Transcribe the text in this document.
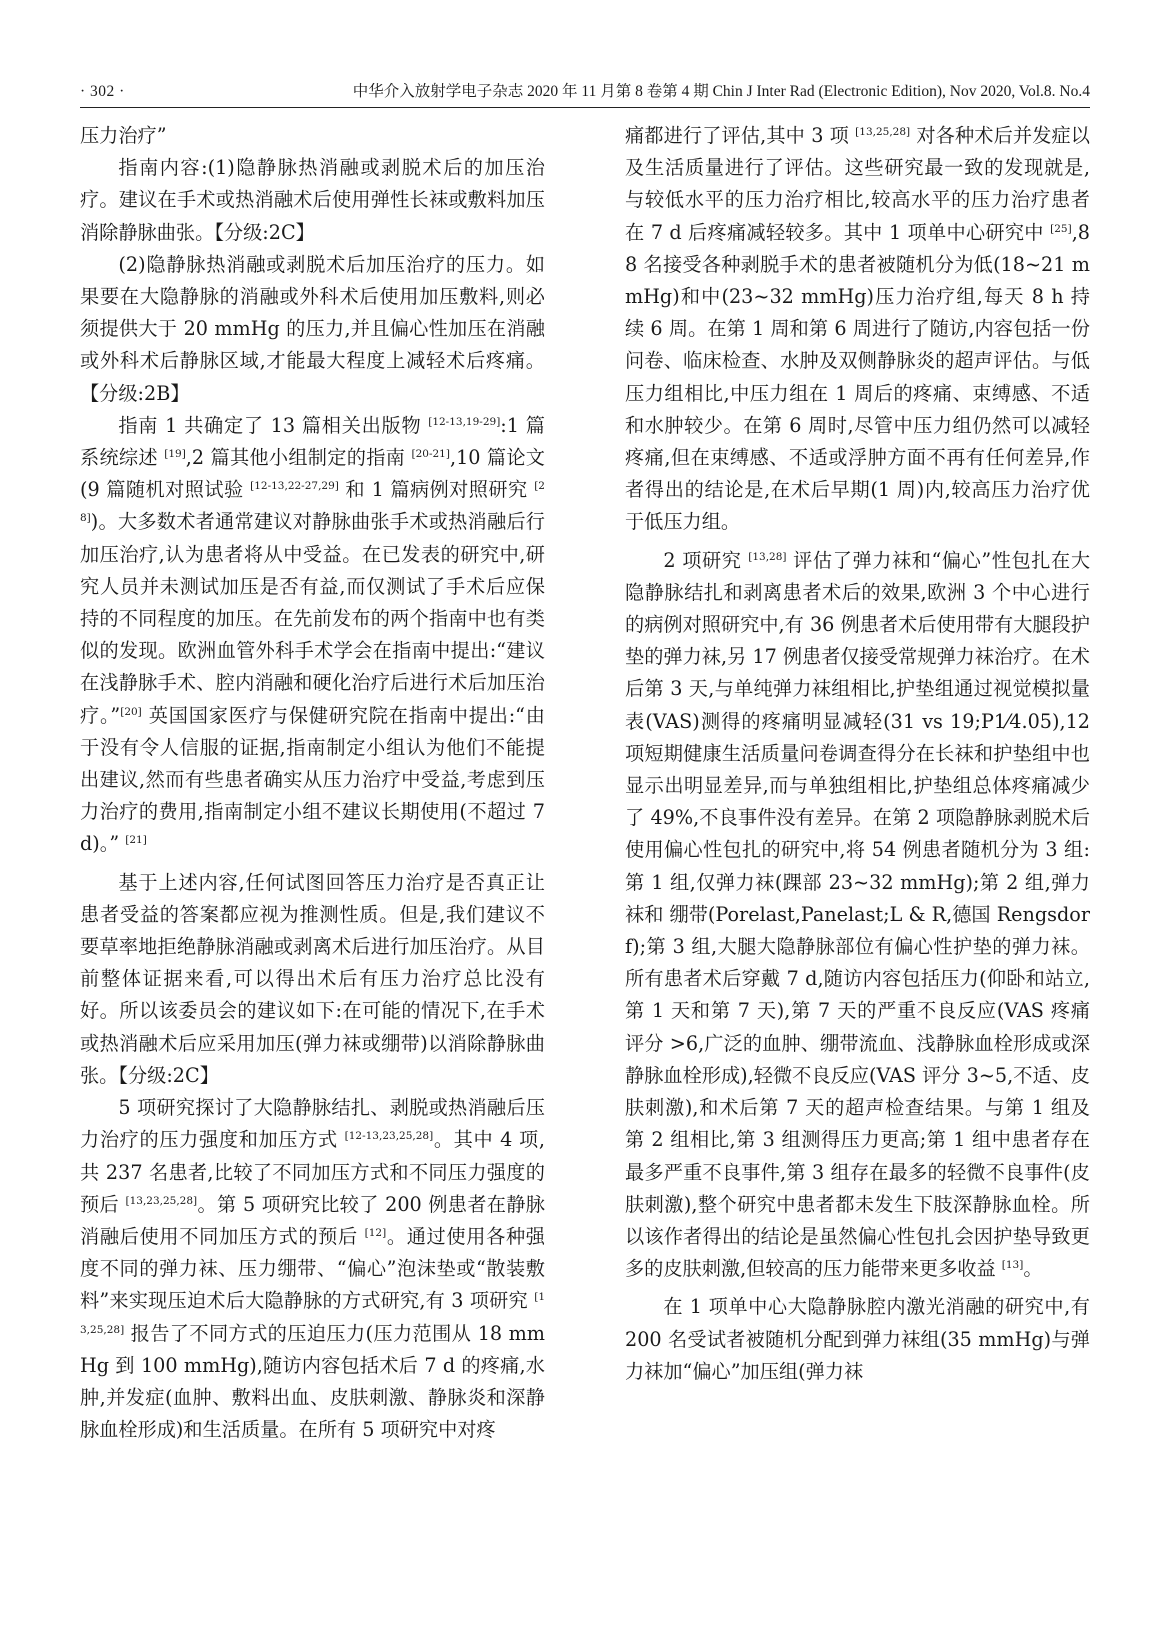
· 302 ·	中华介入放射学电子杂志 2020 年 11 月第 8 卷第 4 期 Chin J Inter Rad (Electronic Edition), Nov 2020, Vol.8. No.4

压力治疗”

指南内容:(1)隐静脉热消融或剥脱术后的加压治疗。建议在手术或热消融术后使用弹性长袜或敷料加压消除静脉曲张。【分级:2C】

(2)隐静脉热消融或剥脱术后加压治疗的压力。如果要在大隐静脉的消融或外科术后使用加压敷料,则必须提供大于 20 mmHg 的压力,并且偏心性加压在消融或外科术后静脉区域,才能最大程度上减轻术后疼痛。【分级:2B】

指南 1 共确定了 13 篇相关出版物 [12-13,19-29]:1 篇系统综述 [19],2 篇其他小组制定的指南 [20-21],10 篇论文(9 篇随机对照试验 [12-13,22-27,29] 和 1 篇病例对照研究 [28])。大多数术者通常建议对静脉曲张手术或热消融后行加压治疗,认为患者将从中受益。在已发表的研究中,研究人员并未测试加压是否有益,而仅测试了手术后应保持的不同程度的加压。在先前发布的两个指南中也有类似的发现。欧洲血管外科手术学会在指南中提出:“建议在浅静脉手术、腔内消融和硬化治疗后进行术后加压治疗。”[20] 英国国家医疗与保健研究院在指南中提出:“由于没有令人信服的证据,指南制定小组认为他们不能提出建议,然而有些患者确实从压力治疗中受益,考虑到压力治疗的费用,指南制定小组不建议长期使用(不超过 7 d)。” [21]

基于上述内容,任何试图回答压力治疗是否真正让患者受益的答案都应视为推测性质。但是,我们建议不要草率地拒绝静脉消融或剥离术后进行加压治疗。从目前整体证据来看,可以得出术后有压力治疗总比没有好。所以该委员会的建议如下:在可能的情况下,在手术或热消融术后应采用加压(弹力袜或绷带)以消除静脉曲张。【分级:2C】

5 项研究探讨了大隐静脉结扎、剥脱或热消融后压力治疗的压力强度和加压方式 [12-13,23,25,28]。其中 4 项,共 237 名患者,比较了不同加压方式和不同压力强度的预后 [13,23,25,28]。第 5 项研究比较了 200 例患者在静脉消融后使用不同加压方式的预后 [12]。通过使用各种强度不同的弹力袜、压力绷带、“偏心”泡沫垫或“散装敷料”来实现压迫术后大隐静脉的方式研究,有 3 项研究 [13,25,28] 报告了不同方式的压迫压力(压力范围从 18 mmHg 到 100 mmHg),随访内容包括术后 7 d 的疼痛,水肿,并发症(血肿、敷料出血、皮肤刺激、静脉炎和深静脉血栓形成)和生活质量。在所有 5 项研究中对疼

痛都进行了评估,其中 3 项 [13,25,28] 对各种术后并发症以及生活质量进行了评估。这些研究最一致的发现就是,与较低水平的压力治疗相比,较高水平的压力治疗患者在 7 d 后疼痛减轻较多。其中 1 项单中心研究中 [25],88 名接受各种剥脱手术的患者被随机分为低(18~21 mmHg)和中(23~32 mmHg)压力治疗组,每天 8 h 持续 6 周。在第 1 周和第 6 周进行了随访,内容包括一份问卷、临床检查、水肿及双侧静脉炎的超声评估。与低压力组相比,中压力组在 1 周后的疼痛、束缚感、不适和水肿较少。在第 6 周时,尽管中压力组仍然可以减轻疼痛,但在束缚感、不适或浮肿方面不再有任何差异,作者得出的结论是,在术后早期(1 周)内,较高压力治疗优于低压力组。

2 项研究 [13,28] 评估了弹力袜和“偏心”性包扎在大隐静脉结扎和剥离患者术后的效果,欧洲 3 个中心进行的病例对照研究中,有 36 例患者术后使用带有大腿段护垫的弹力袜,另 17 例患者仅接受常规弹力袜治疗。在术后第 3 天,与单纯弹力袜组相比,护垫组通过视觉模拟量表(VAS)测得的疼痛明显减轻(31 vs 19;P1⁄4.05),12 项短期健康生活质量问卷调查得分在长袜和护垫组中也显示出明显差异,而与单独组相比,护垫组总体疼痛减少了 49%,不良事件没有差异。在第 2 项隐静脉剥脱术后使用偏心性包扎的研究中,将 54 例患者随机分为 3 组:第 1 组,仅弹力袜(踝部 23~32 mmHg);第 2 组,弹力袜和 绷带(Porelast,Panelast;L & R,德国 Rengsdorf);第 3 组,大腿大隐静脉部位有偏心性护垫的弹力袜。所有患者术后穿戴 7 d,随访内容包括压力(仰卧和站立,第 1 天和第 7 天),第 7 天的严重不良反应(VAS 疼痛评分 >6,广泛的血肿、绷带流血、浅静脉血栓形成或深静脉血栓形成),轻微不良反应(VAS 评分 3~5,不适、皮肤刺激),和术后第 7 天的超声检查结果。与第 1 组及第 2 组相比,第 3 组测得压力更高;第 1 组中患者存在最多严重不良事件,第 3 组存在最多的轻微不良事件(皮肤刺激),整个研究中患者都未发生下肢深静脉血栓。所以该作者得出的结论是虽然偏心性包扎会因护垫导致更多的皮肤刺激,但较高的压力能带来更多收益 [13]。

在 1 项单中心大隐静脉腔内激光消融的研究中,有 200 名受试者被随机分配到弹力袜组(35 mmHg)与弹力袜加“偏心”加压组(弹力袜
